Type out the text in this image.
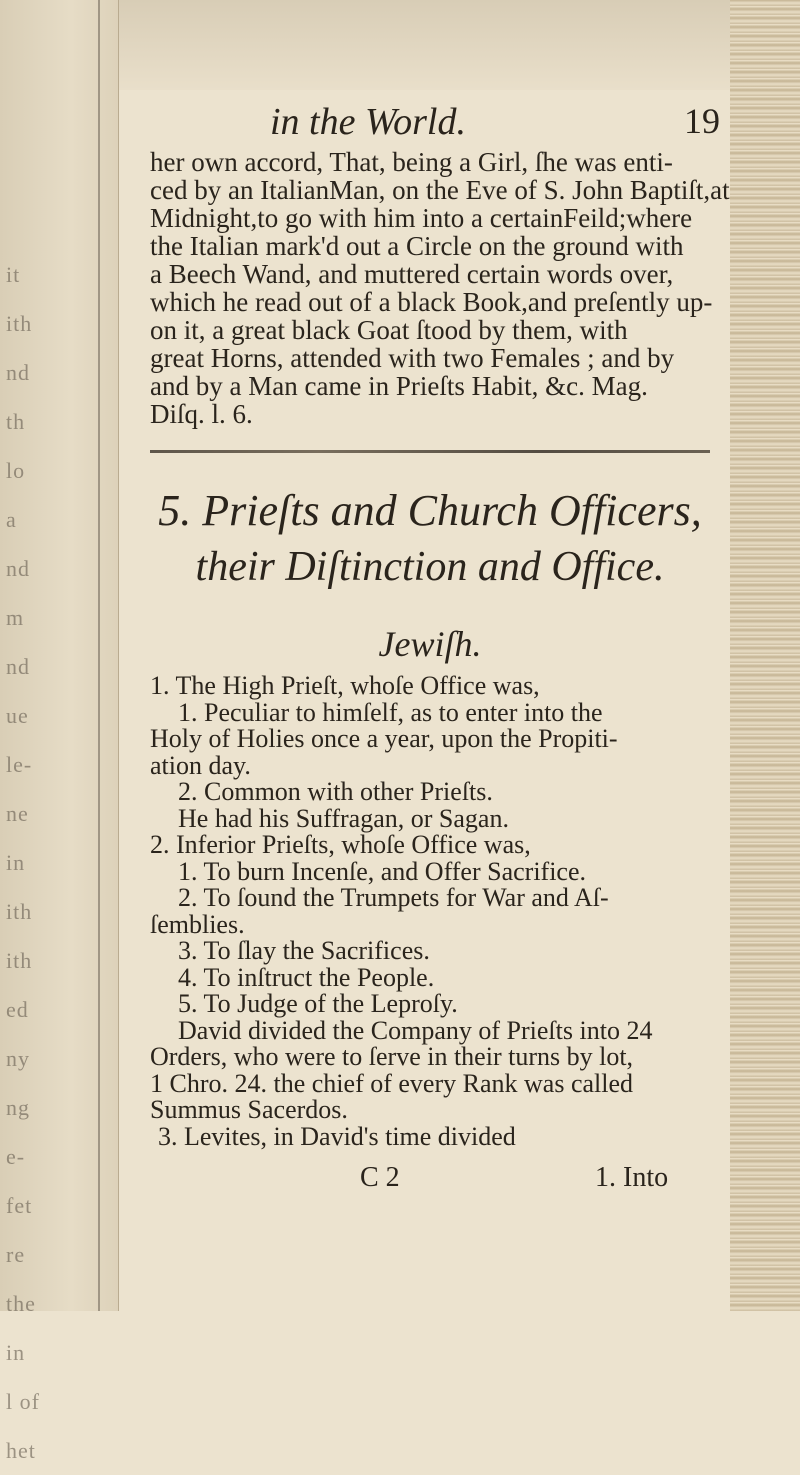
it
ith
nd
th
lo
a
nd
m
nd
ue
le-
ne
in
ith
ith
ed
ny
ng
e-
fet
re
the
in
l of
het
in the World.	19

her own accord, That, being a Girl, ſhe was enti-

ced by an ItalianMan, on the Eve of S. John Baptiſt,at

Midnight,to go with him into a certainFeild;where

the Italian mark'd out a Circle on the ground with

a Beech Wand, and muttered certain words over,

which he read out of a black Book,and preſently up-

on it, a great black Goat ſtood by them, with

great Horns, attended with two Females ; and by

and by a Man came in Prieſts Habit, &c. Mag.

Diſq. l. 6.

5. Prieſts and Church Officers,
their Diſtinction and Office.
Jewiſh.

1. The High Prieſt, whoſe Office was,

1. Peculiar to himſelf, as to enter into the

Holy of Holies once a year, upon the Propiti-

ation day.

2. Common with other Prieſts.

He had his Suffragan, or Sagan.

2. Inferior Prieſts, whoſe Office was,

1. To burn Incenſe, and Offer Sacrifice.

2. To ſound the Trumpets for War and Aſ-

ſemblies.

3. To ſlay the Sacrifices.

4. To inſtruct the People.

5. To Judge of the Leproſy.

David divided the Company of Prieſts into 24

Orders, who were to ſerve in their turns by lot,

1 Chro. 24. the chief of every Rank was called

Summus Sacerdos.

3. Levites, in David's time divided

C 2	1. Into
